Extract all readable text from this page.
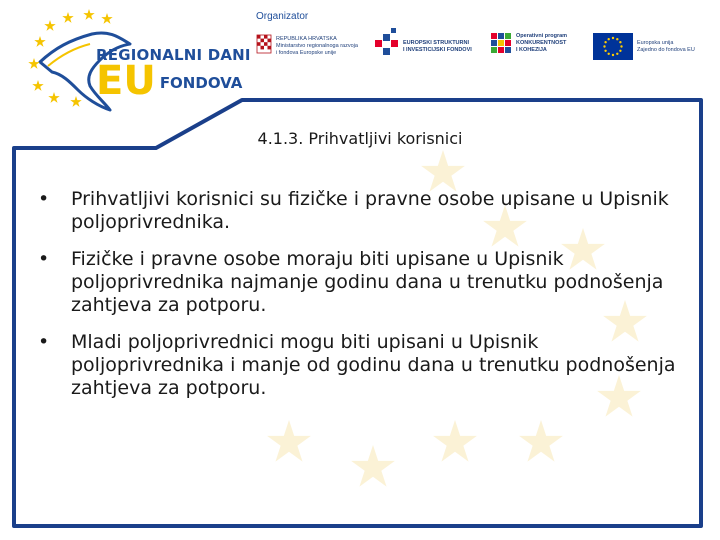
REGIONALNI DANI
EU FONDOVA
Organizator
REPUBLIKA HRVATSKA
Ministarstvo regionalnoga razvoja
i fondova Europske unije
EUROPSKI STRUKTURNI
I INVESTICIJSKI FONDOVI
Operativni program
KONKURENTNOST
I KOHEZIJA
Europska unija
Zajedno do fondova EU
4.1.3. Prihvatljivi korisnici
• Prihvatljivi korisnici su fizičke i pravne osobe upisane u Upisnik poljoprivrednika.
• Fizičke i pravne osobe moraju biti upisane u Upisnik poljoprivrednika najmanje godinu dana u trenutku podnošenja zahtjeva za potporu.
• Mladi poljoprivrednici mogu biti upisani u Upisnik poljoprivrednika i manje od godinu dana u trenutku podnošenja zahtjeva za potporu.
